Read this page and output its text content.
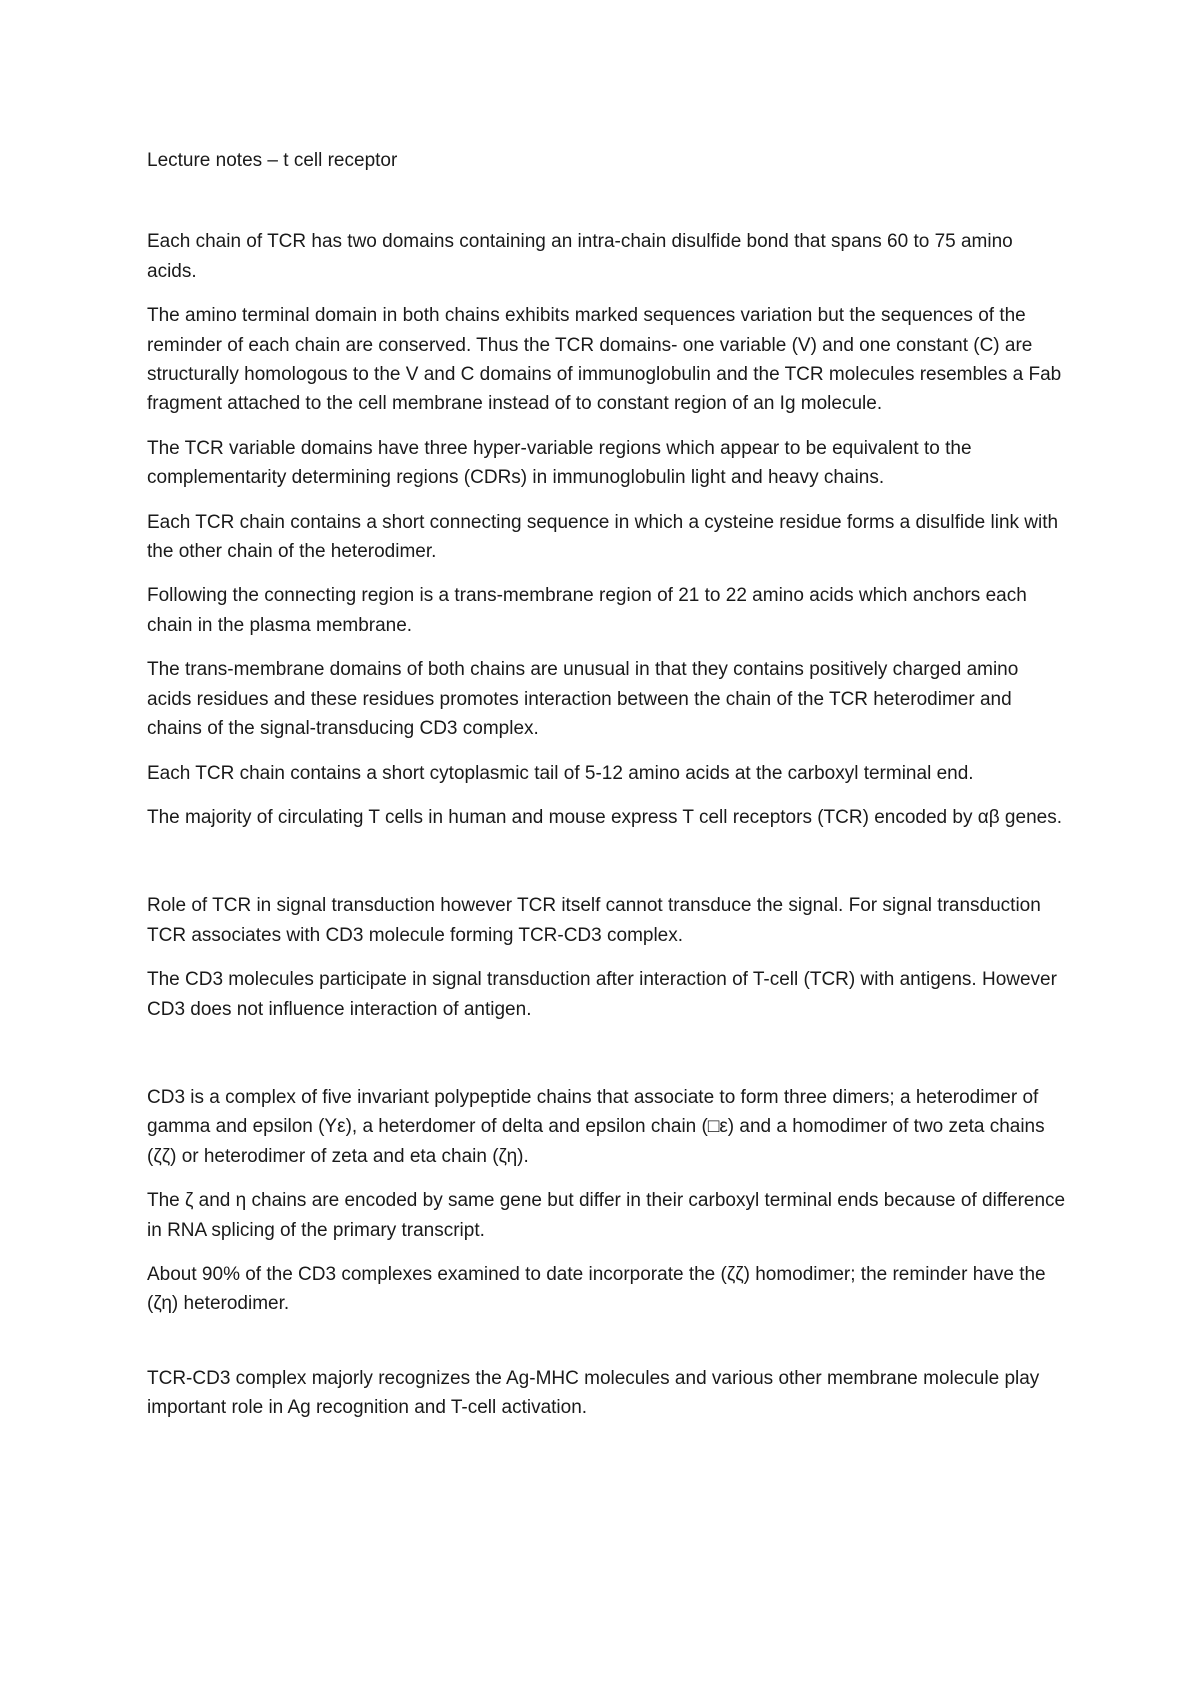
Lecture notes – t cell receptor

Each chain of TCR has two domains containing an intra-chain disulfide bond that spans 60 to 75 amino acids.

The amino terminal domain in both chains exhibits marked sequences variation but the sequences of the reminder of each chain are conserved. Thus the TCR domains- one variable (V) and one constant (C) are structurally homologous to the V and C domains of immunoglobulin and the TCR molecules resembles a Fab fragment attached to the cell membrane instead of to constant region of an Ig molecule.

The TCR variable domains have three hyper-variable regions which appear to be equivalent to the complementarity determining regions (CDRs) in immunoglobulin light and heavy chains.

Each TCR chain contains a short connecting sequence in which a cysteine residue forms a disulfide link with the other chain of the heterodimer.

Following the connecting region is a trans-membrane region of 21 to 22 amino acids which anchors each chain in the plasma membrane.

The trans-membrane domains of both chains are unusual in that they contains positively charged amino acids residues and these residues promotes interaction between the chain of the TCR heterodimer and chains of the signal-transducing CD3 complex.

Each TCR chain contains a short cytoplasmic tail of 5-12 amino acids at the carboxyl terminal end.

The majority of circulating T cells in human and mouse express T cell receptors (TCR) encoded by αβ genes.

Role of TCR in signal transduction however TCR itself cannot transduce the signal. For signal transduction TCR associates with CD3 molecule forming TCR-CD3 complex.

The CD3 molecules participate in signal transduction after interaction of T-cell (TCR) with antigens. However CD3 does not influence interaction of antigen.

CD3 is a complex of five invariant polypeptide chains that associate to form three dimers; a heterodimer of gamma and epsilon (Yε), a heterdomer of delta and epsilon chain (□ε) and a homodimer of two zeta chains (ζζ) or heterodimer of zeta and eta chain (ζη).

The ζ and η chains are encoded by same gene but differ in their carboxyl terminal ends because of difference in RNA splicing of the primary transcript.

About 90% of the CD3 complexes examined to date incorporate the (ζζ) homodimer; the reminder have the (ζη) heterodimer.

TCR-CD3 complex majorly recognizes the Ag-MHC molecules and various other membrane molecule play important role in Ag recognition and T-cell activation.
